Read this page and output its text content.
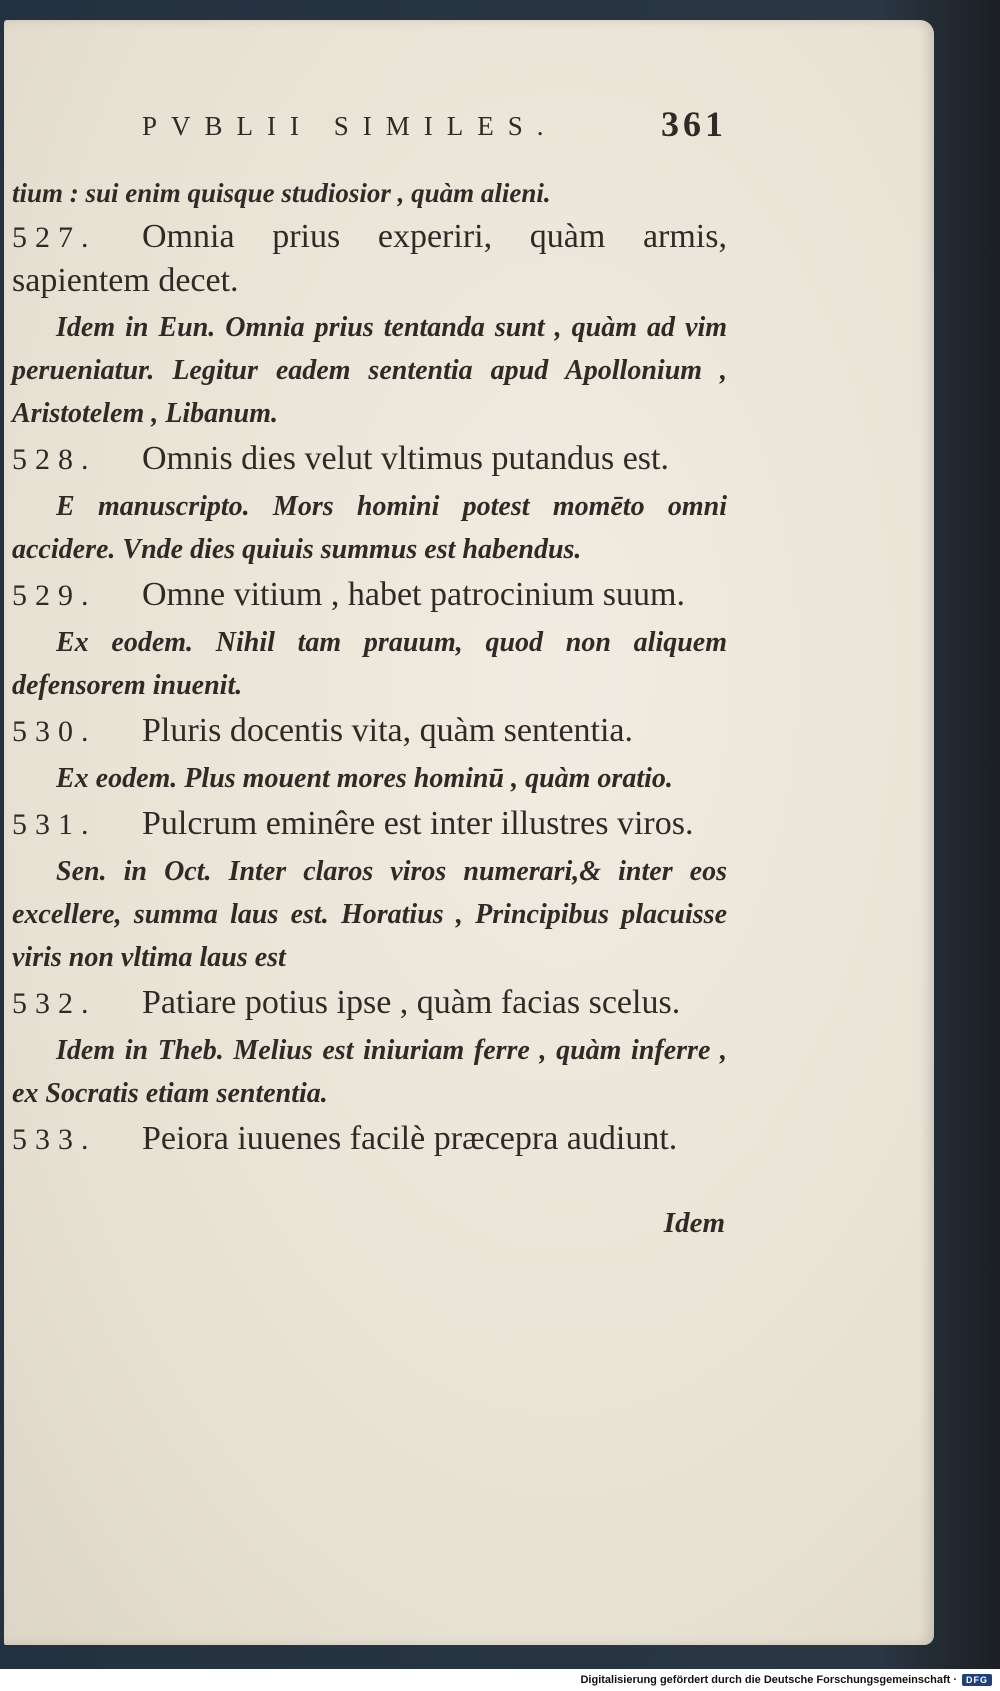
PVBLII SIMILES.	361
tium : sui enim quisque studiosior , quàm alieni.
527. Omnia prius experiri, quàm armis, sapientem decet.
Idem in Eun. Omnia prius tentanda sunt , quàm ad vim perueniatur. Legitur eadem sententia apud Apollonium , Aristotelem , Libanum.
528. Omnis dies velut vltimus putandus est.
E manuscripto. Mors homini potest momēto omni accidere. Vnde dies quiuis summus est habendus.
529. Omne vitium , habet patrocinium suum.
Ex eodem. Nihil tam prauum, quod non aliquem defensorem inuenit.
530. Pluris docentis vita, quàm sententia.
Ex eodem. Plus mouent mores hominū , quàm oratio.
531. Pulcrum eminêre est inter illustres viros.
Sen. in Oct. Inter claros viros numerari,& inter eos excellere, summa laus est. Horatius , Principibus placuisse viris non vltima laus est
532. Patiare potius ipse , quàm facias scelus.
Idem in Theb. Melius est iniuriam ferre , quàm inferre , ex Socratis etiam sententia.
533. Peiora iuuenes facilè præcepra audiunt.
Idem
Digitalisierung gefördert durch die Deutsche Forschungsgemeinschaft ·	DFG
